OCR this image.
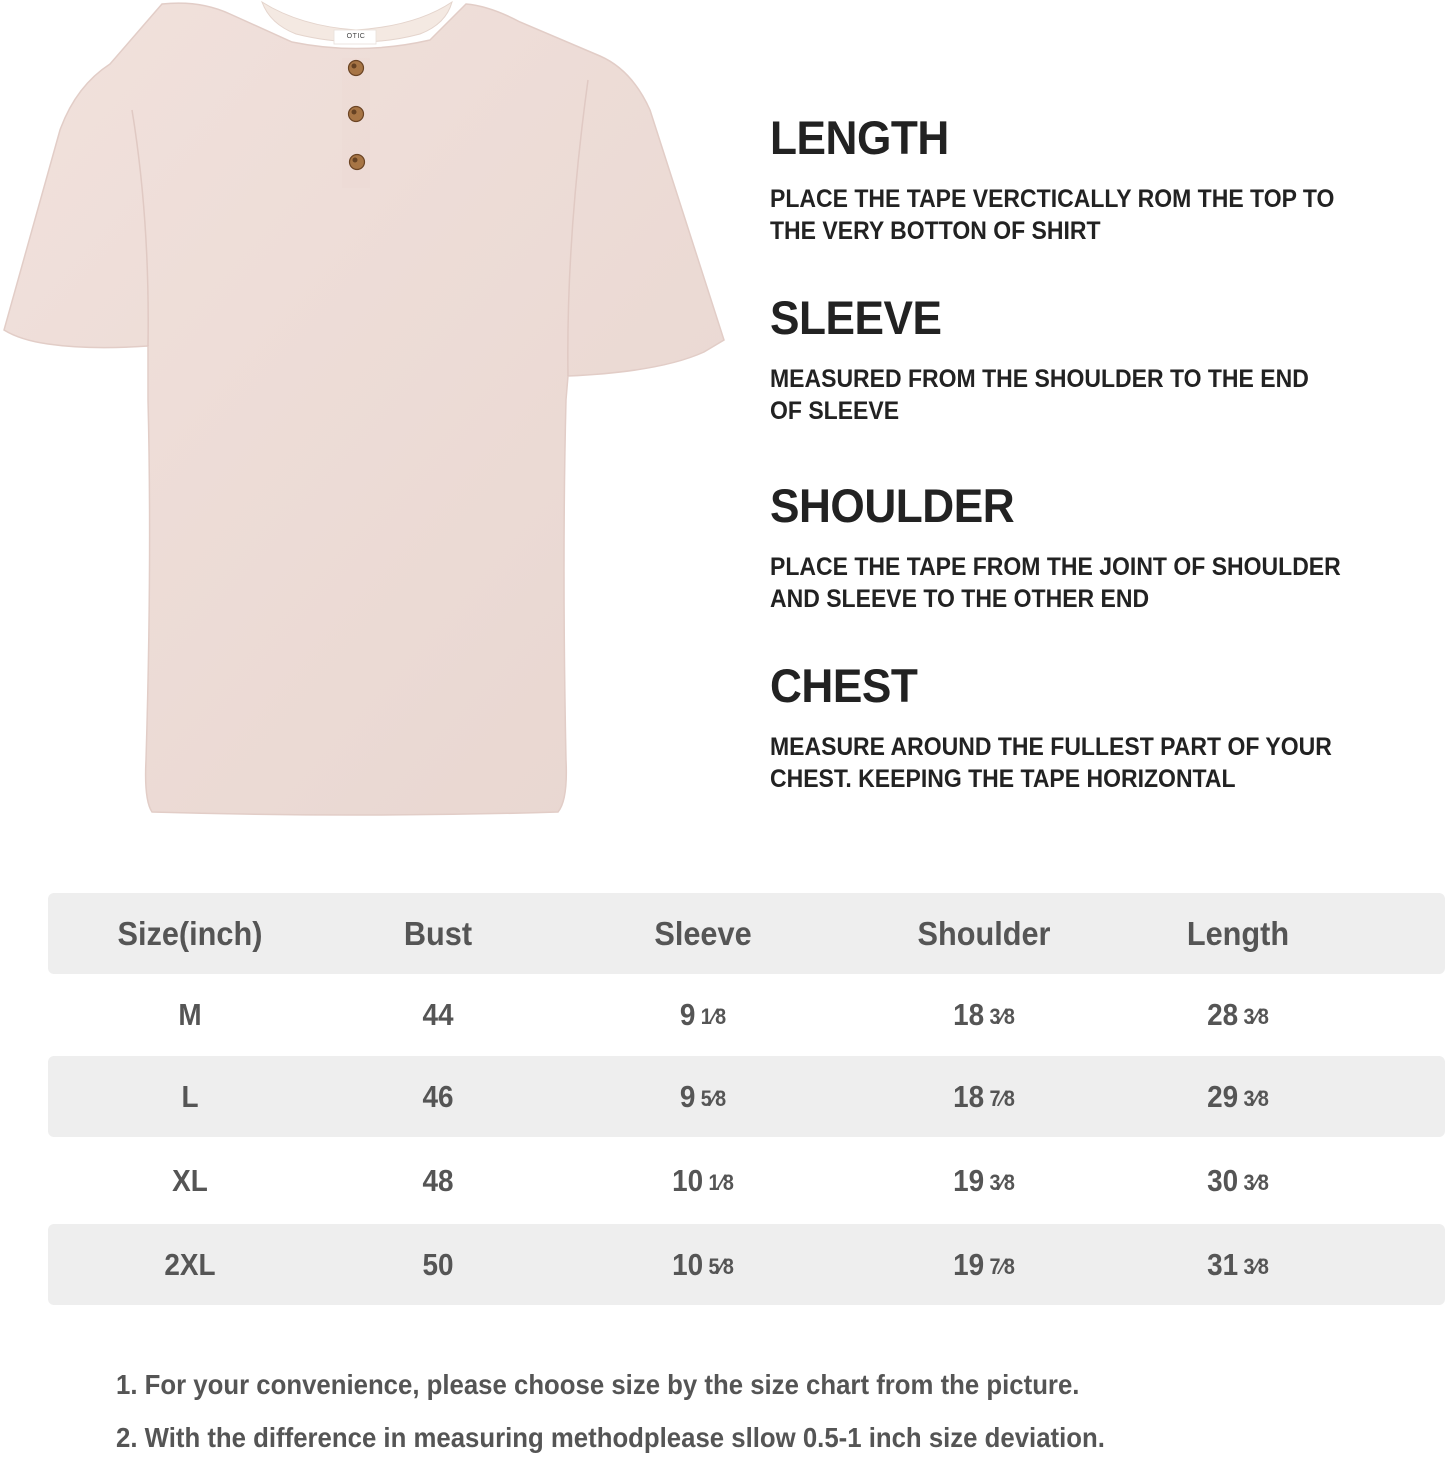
OTIC
LENGTH

PLACE THE TAPE VERCTICALLY ROM THE TOP TO
THE VERY BOTTON OF SHIRT

SLEEVE

MEASURED FROM THE SHOULDER TO THE END
OF SLEEVE

SHOULDER

PLACE THE TAPE FROM THE JOINT OF SHOULDER
AND SLEEVE TO THE OTHER END

CHEST

MEASURE AROUND THE FULLEST PART OF YOUR
CHEST. KEEPING THE TAPE HORIZONTAL

Size(inch)	Bust	Sleeve	Shoulder	Length
M	44	9 1⁄8	18 3⁄8	28 3⁄8
L	46	9 5⁄8	18 7⁄8	29 3⁄8
XL	48	10 1⁄8	19 3⁄8	30 3⁄8
2XL	50	10 5⁄8	19 7⁄8	31 3⁄8
1. For your convenience, please choose size by the size chart from the picture.
2. With the difference in measuring methodplease sllow 0.5-1 inch size deviation.
